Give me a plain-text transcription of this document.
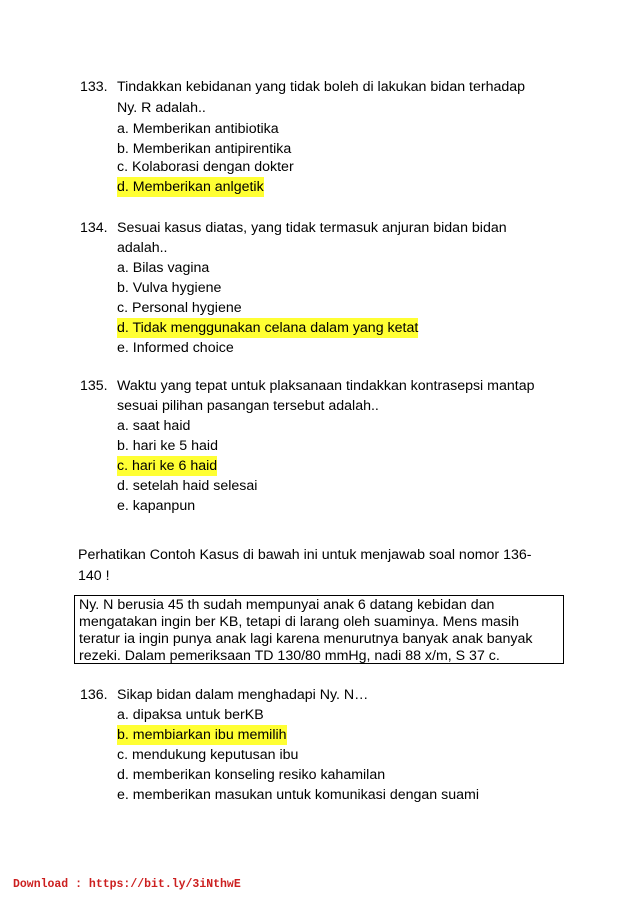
133. Tindakkan kebidanan yang tidak boleh di lakukan bidan terhadap
Ny. R adalah..
a. Memberikan antibiotika
b. Memberikan antipirentika
c. Kolaborasi dengan dokter
d. Memberikan anlgetik
134. Sesuai kasus diatas, yang tidak termasuk anjuran bidan bidan
adalah..
a. Bilas vagina
b. Vulva hygiene
c. Personal hygiene
d. Tidak menggunakan celana dalam yang ketat
e. Informed choice
135. Waktu yang tepat untuk plaksanaan tindakkan kontrasepsi mantap
sesuai pilihan pasangan tersebut adalah..
a. saat haid
b. hari ke 5 haid
c. hari ke 6 haid
d. setelah haid selesai
e. kapanpun
Perhatikan Contoh Kasus di bawah ini untuk menjawab soal nomor 136-
140 !
Ny. N berusia 45 th sudah mempunyai anak 6 datang kebidan dan
mengatakan ingin ber KB, tetapi di larang oleh suaminya. Mens masih
teratur ia ingin punya anak lagi karena menurutnya banyak anak banyak
rezeki. Dalam pemeriksaan TD 130/80 mmHg, nadi 88 x/m, S 37 c.
136. Sikap bidan dalam menghadapi Ny. N…
a. dipaksa untuk berKB
b. membiarkan ibu memilih
c. mendukung keputusan ibu
d. memberikan konseling resiko kahamilan
e. memberikan masukan untuk komunikasi dengan suami
Download : https://bit.ly/3iNthwE
